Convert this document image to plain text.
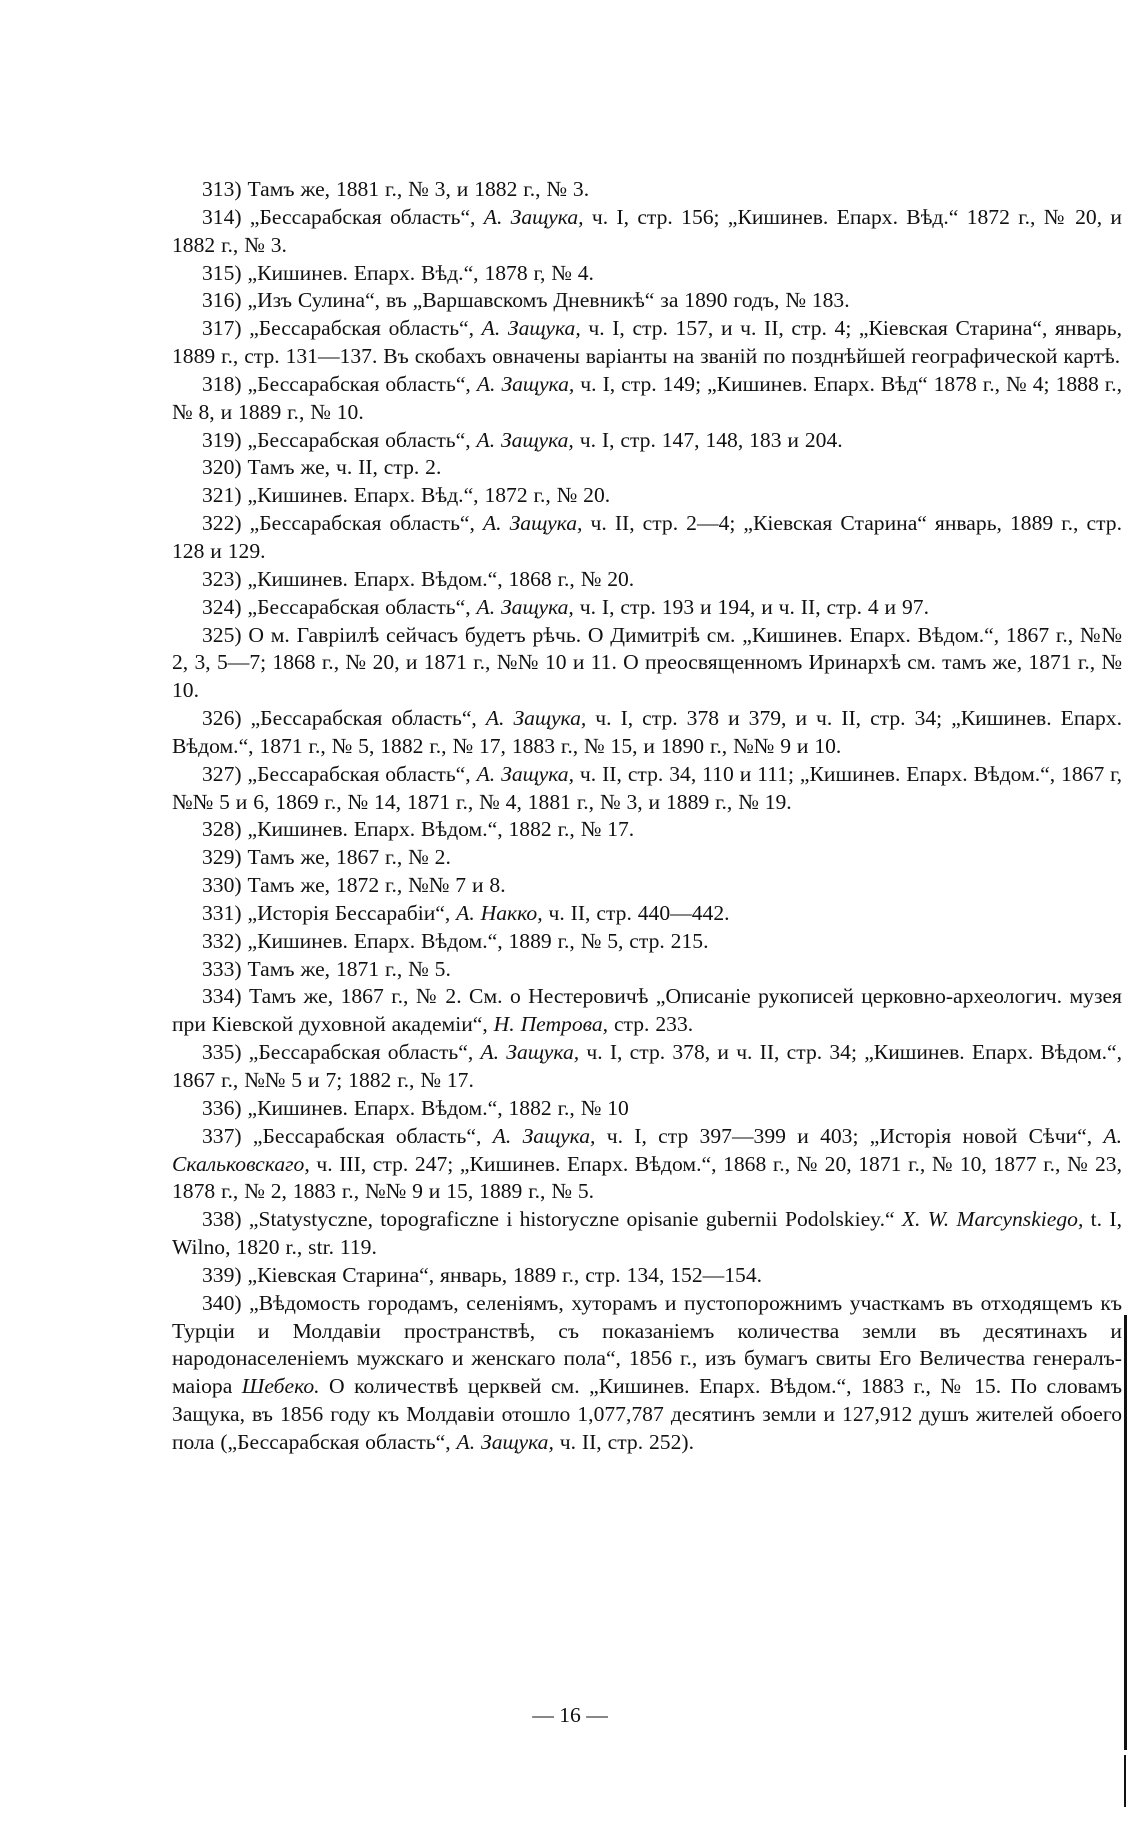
313) Тамъ же, 1881 г., № 3, и 1882 г., № 3.

314) „Бессарабская область“, А. Защука, ч. I, стр. 156; „Кишинев. Епарх. Вѣд.“ 1872 г., № 20, и 1882 г., № 3.

315) „Кишинев. Епарх. Вѣд.“, 1878 г, № 4.

316) „Изъ Сулина“, въ „Варшавскомъ Дневникѣ“ за 1890 годъ, № 183.

317) „Бессарабская область“, А. Защука, ч. I, стр. 157, и ч. II, стр. 4; „Кіевская Старина“, январь, 1889 г., стр. 131—137. Въ скобахъ овначены варіанты на званій по позднѣйшей географической картѣ.

318) „Бессарабская область“, А. Защука, ч. I, стр. 149; „Кишинев. Епарх. Вѣд“ 1878 г., № 4; 1888 г., № 8, и 1889 г., № 10.

319) „Бессарабская область“, А. Защука, ч. I, стр. 147, 148, 183 и 204.

320) Тамъ же, ч. II, стр. 2.

321) „Кишинев. Епарх. Вѣд.“, 1872 г., № 20.

322) „Бессарабская область“, А. Защука, ч. II, стр. 2—4; „Кіевская Старина“ январь, 1889 г., стр. 128 и 129.

323) „Кишинев. Епарх. Вѣдом.“, 1868 г., № 20.

324) „Бессарабская область“, А. Защука, ч. I, стр. 193 и 194, и ч. II, стр. 4 и 97.

325) О м. Гавріилѣ сейчасъ будетъ рѣчь. О Димитріѣ см. „Кишинев. Епарх. Вѣдом.“, 1867 г., №№ 2, 3, 5—7; 1868 г., № 20, и 1871 г., №№ 10 и 11. О преосвященномъ Иринархѣ см. тамъ же, 1871 г., № 10.

326) „Бессарабская область“, А. Защука, ч. I, стр. 378 и 379, и ч. II, стр. 34; „Кишинев. Епарх. Вѣдом.“, 1871 г., № 5, 1882 г., № 17, 1883 г., № 15, и 1890 г., №№ 9 и 10.

327) „Бессарабская область“, А. Защука, ч. II, стр. 34, 110 и 111; „Кишинев. Епарх. Вѣдом.“, 1867 г, №№ 5 и 6, 1869 г., № 14, 1871 г., № 4, 1881 г., № 3, и 1889 г., № 19.

328) „Кишинев. Епарх. Вѣдом.“, 1882 г., № 17.

329) Тамъ же, 1867 г., № 2.

330) Тамъ же, 1872 г., №№ 7 и 8.

331) „Исторія Бессарабіи“, А. Накко, ч. II, стр. 440—442.

332) „Кишинев. Епарх. Вѣдом.“, 1889 г., № 5, стр. 215.

333) Тамъ же, 1871 г., № 5.

334) Тамъ же, 1867 г., № 2. См. о Нестеровичѣ „Описаніе рукописей церковно-археологич. музея при Кіевской духовной академіи“, Н. Петрова, стр. 233.

335) „Бессарабская область“, А. Защука, ч. I, стр. 378, и ч. II, стр. 34; „Кишинев. Епарх. Вѣдом.“, 1867 г., №№ 5 и 7; 1882 г., № 17.

336) „Кишинев. Епарх. Вѣдом.“, 1882 г., № 10

337) „Бессарабская область“, А. Защука, ч. I, стр 397—399 и 403; „Исторія новой Сѣчи“, А. Скальковскаго, ч. III, стр. 247; „Кишинев. Епарх. Вѣдом.“, 1868 г., № 20, 1871 г., № 10, 1877 г., № 23, 1878 г., № 2, 1883 г., №№ 9 и 15, 1889 г., № 5.

338) „Statystyczne, topograficzne i historyczne opisanie gubernii Podolskiey.“ X. W. Marcynskiego, t. I, Wilno, 1820 r., str. 119.

339) „Кіевская Старина“, январь, 1889 г., стр. 134, 152—154.

340) „Вѣдомость городамъ, селеніямъ, хуторамъ и пустопорожнимъ участкамъ въ отходящемъ къ Турціи и Молдавіи пространствѣ, съ показаніемъ количества земли въ десятинахъ и народонаселеніемъ мужскаго и женскаго пола“, 1856 г., изъ бумагъ свиты Его Величества генералъ-маіора Шебеко. О количествѣ церквей см. „Кишинев. Епарх. Вѣдом.“, 1883 г., № 15. По словамъ Защука, въ 1856 году къ Молдавіи отошло 1,077,787 десятинъ земли и 127,912 душъ жителей обоего пола („Бессарабская область“, А. Защука, ч. II, стр. 252).

— 16 —
